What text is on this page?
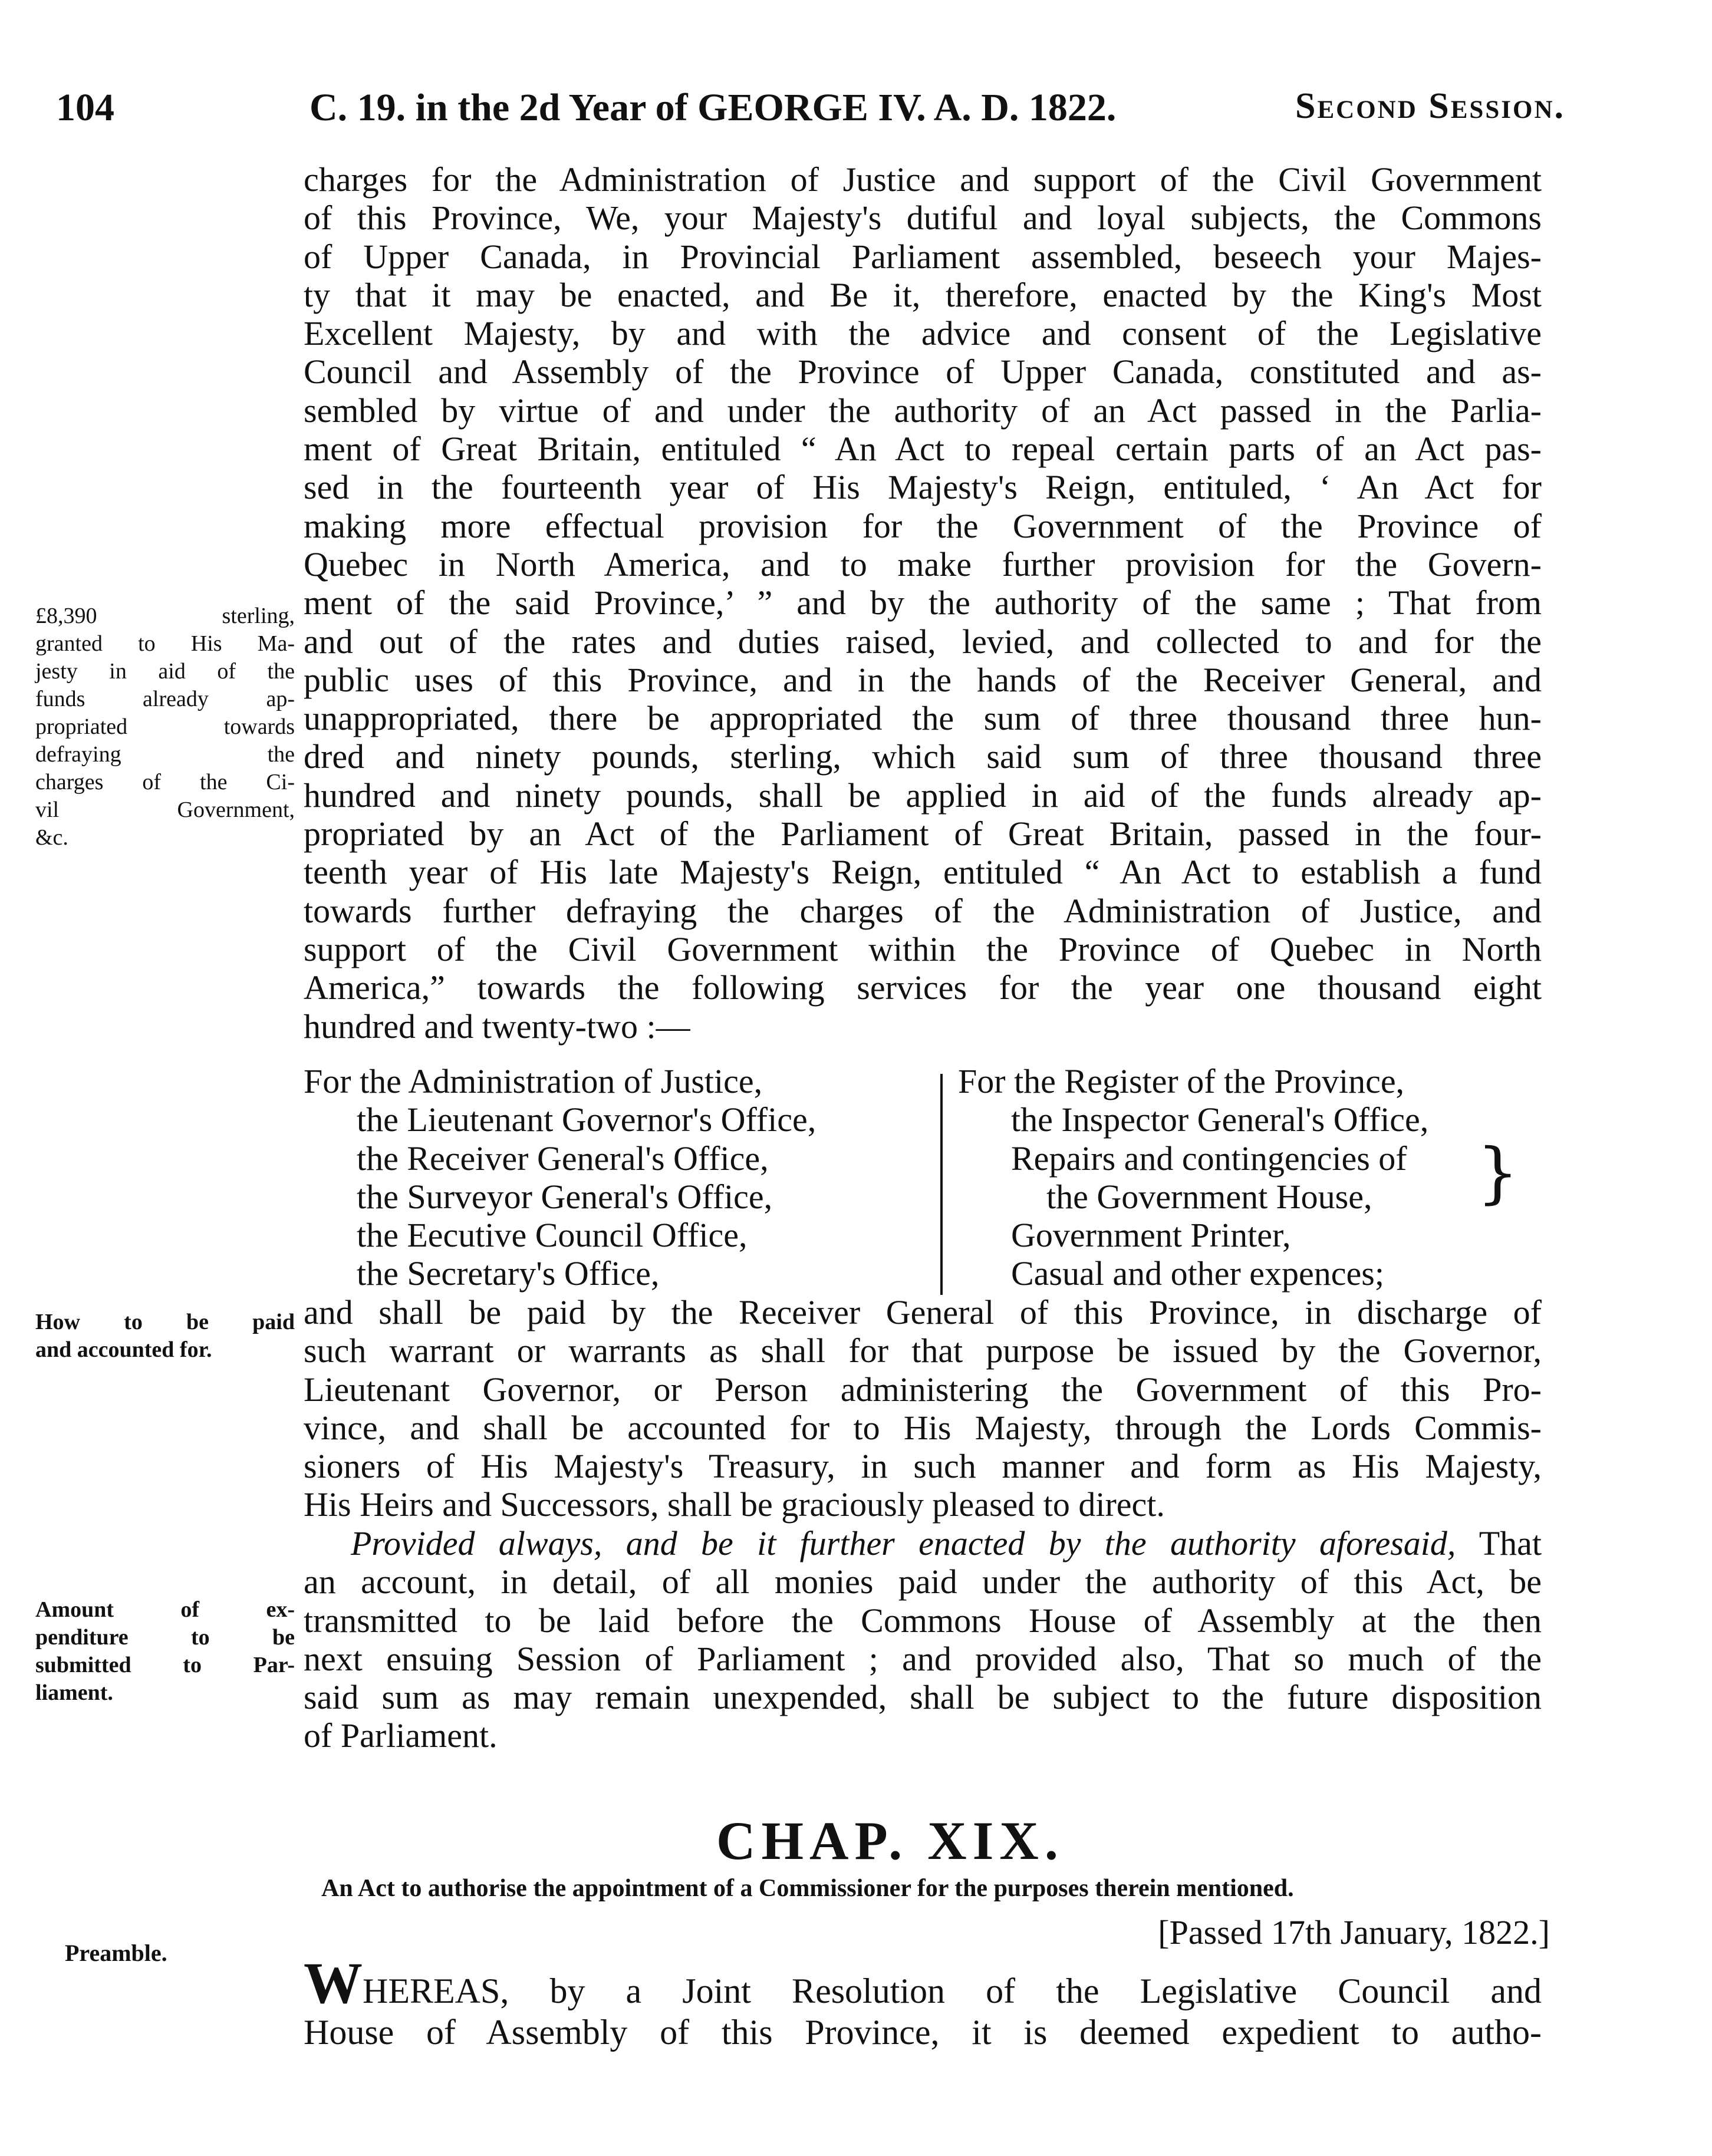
104	C. 19. in the 2d Year of GEORGE IV. A. D. 1822.	Second Session.
charges for the Administration of Justice and support of the Civil Government
of this Province, We, your Majesty's dutiful and loyal subjects, the Commons
of Upper Canada, in Provincial Parliament assembled, beseech your Majes-
ty that it may be enacted, and Be it, therefore, enacted by the King's Most
Excellent Majesty, by and with the advice and consent of the Legislative
Council and Assembly of the Province of Upper Canada, constituted and as-
sembled by virtue of and under the authority of an Act passed in the Parlia-
ment of Great Britain, entituled “ An Act to repeal certain parts of an Act pas-
sed in the fourteenth year of His Majesty's Reign, entituled, ‘ An Act for
making more effectual provision for the Government of the Province of
Quebec in North America, and to make further provision for the Govern-
ment of the said Province,’ ” and by the authority of the same ; That from
and out of the rates and duties raised, levied, and collected to and for the
public uses of this Province, and in the hands of the Receiver General, and
unappropriated, there be appropriated the sum of three thousand three hun-
dred and ninety pounds, sterling, which said sum of three thousand three
hundred and ninety pounds, shall be applied in aid of the funds already ap-
propriated by an Act of the Parliament of Great Britain, passed in the four-
teenth year of His late Majesty's Reign, entituled “ An Act to establish a fund
towards further defraying the charges of the Administration of Justice, and
support of the Civil Government within the Province of Quebec in North
America,” towards the following services for the year one thousand eight
hundred and twenty-two :—
£8,390 sterling,
granted to His Ma-
jesty in aid of the
funds already ap-
propriated towards
defraying the
charges of the Ci-
vil Government,
&c.
For the Administration of Justice,
the Lieutenant Governor's Office,
the Receiver General's Office,
the Surveyor General's Office,
the Eecutive Council Office,
the Secretary's Office,
For the Register of the Province,
the Inspector General's Office,
Repairs and contingencies of
the Government House,
Government Printer,
Casual and other expences;
}
and shall be paid by the Receiver General of this Province, in discharge of
such warrant or warrants as shall for that purpose be issued by the Governor,
Lieutenant Governor, or Person administering the Government of this Pro-
vince, and shall be accounted for to His Majesty, through the Lords Commis-
sioners of His Majesty's Treasury, in such manner and form as His Majesty,
His Heirs and Successors, shall be graciously pleased to direct.
How to be paid
and accounted for.
Provided always, and be it further enacted by the authority aforesaid, That
an account, in detail, of all monies paid under the authority of this Act, be
transmitted to be laid before the Commons House of Assembly at the then
next ensuing Session of Parliament ; and provided also, That so much of the
said sum as may remain unexpended, shall be subject to the future disposition
of Parliament.
Amount of ex-
penditure to be
submitted to Par-
liament.
CHAP. XIX.
An Act to authorise the appointment of a Commissioner for the purposes therein mentioned.
[Passed 17th January, 1822.]
Preamble. WHEREAS, by a Joint Resolution of the Legislative Council and
House of Assembly of this Province, it is deemed expedient to autho-
